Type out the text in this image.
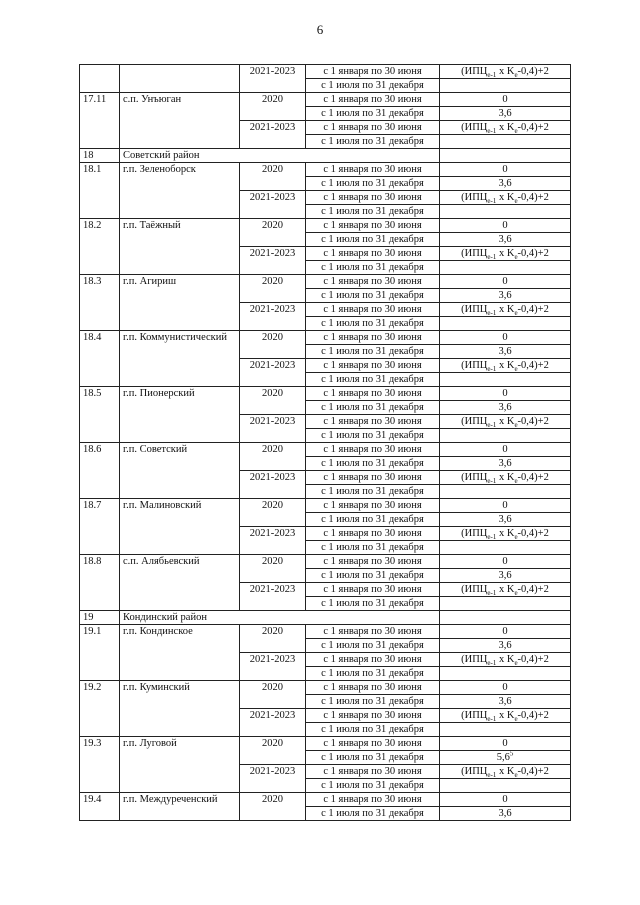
6
		2021-2023	с 1 января по 30 июня	($ИПЦ_{e-1}$ x $K_e-0,4)+2$
			с 1 июля по 31 декабря	
17.11	с.п. Унъюган	2020	с 1 января по 30 июня	0
			с 1 июля по 31 декабря	3,6
		2021-2023	с 1 января по 30 июня	($ИПЦ_{e-1}$ x $K_e-0,4)+2$
			с 1 июля по 31 декабря	
18	Советский район			
18.1	г.п. Зеленоборск	2020	с 1 января по 30 июня	0
			с 1 июля по 31 декабря	3,6
		2021-2023	с 1 января по 30 июня	($ИПЦ_{e-1}$ x $K_e-0,4)+2$
			с 1 июля по 31 декабря	
18.2	г.п. Таёжный	2020	с 1 января по 30 июня	0
			с 1 июля по 31 декабря	3,6
		2021-2023	с 1 января по 30 июня	($ИПЦ_{e-1}$ x $K_e-0,4)+2$
			с 1 июля по 31 декабря	
18.3	г.п. Агириш	2020	с 1 января по 30 июня	0
			с 1 июля по 31 декабря	3,6
		2021-2023	с 1 января по 30 июня	($ИПЦ_{e-1}$ x $K_e-0,4)+2$
			с 1 июля по 31 декабря	
18.4	г.п. Коммунистический	2020	с 1 января по 30 июня	0
			с 1 июля по 31 декабря	3,6
		2021-2023	с 1 января по 30 июня	($ИПЦ_{e-1}$ x $K_e-0,4)+2$
			с 1 июля по 31 декабря	
18.5	г.п. Пионерский	2020	с 1 января по 30 июня	0
			с 1 июля по 31 декабря	3,6
		2021-2023	с 1 января по 30 июня	($ИПЦ_{e-1}$ x $K_e-0,4)+2$
			с 1 июля по 31 декабря	
18.6	г.п. Советский	2020	с 1 января по 30 июня	0
			с 1 июля по 31 декабря	3,6
		2021-2023	с 1 января по 30 июня	($ИПЦ_{e-1}$ x $K_e-0,4)+2$
			с 1 июля по 31 декабря	
18.7	г.п. Малиновский	2020	с 1 января по 30 июня	0
			с 1 июля по 31 декабря	3,6
		2021-2023	с 1 января по 30 июня	($ИПЦ_{e-1}$ x $K_e-0,4)+2$
			с 1 июля по 31 декабря	
18.8	с.п. Алябьевский	2020	с 1 января по 30 июня	0
			с 1 июля по 31 декабря	3,6
		2021-2023	с 1 января по 30 июня	($ИПЦ_{e-1}$ x $K_e-0,4)+2$
			с 1 июля по 31 декабря	
19	Кондинский район			
19.1	г.п. Кондинское	2020	с 1 января по 30 июня	0
			с 1 июля по 31 декабря	3,6
		2021-2023	с 1 января по 30 июня	($ИПЦ_{e-1}$ x $K_e-0,4)+2$
			с 1 июля по 31 декабря	
19.2	г.п. Куминский	2020	с 1 января по 30 июня	0
			с 1 июля по 31 декабря	3,6
		2021-2023	с 1 января по 30 июня	($ИПЦ_{e-1}$ x $K_e-0,4)+2$
			с 1 июля по 31 декабря	
19.3	г.п. Луговой	2020	с 1 января по 30 июня	0
			с 1 июля по 31 декабря	$5,6^5$
		2021-2023	с 1 января по 30 июня	($ИПЦ_{e-1}$ x $K_e-0,4)+2$
			с 1 июля по 31 декабря	
19.4	г.п. Междуреченский	2020	с 1 января по 30 июня	0
			с 1 июля по 31 декабря	3,6
